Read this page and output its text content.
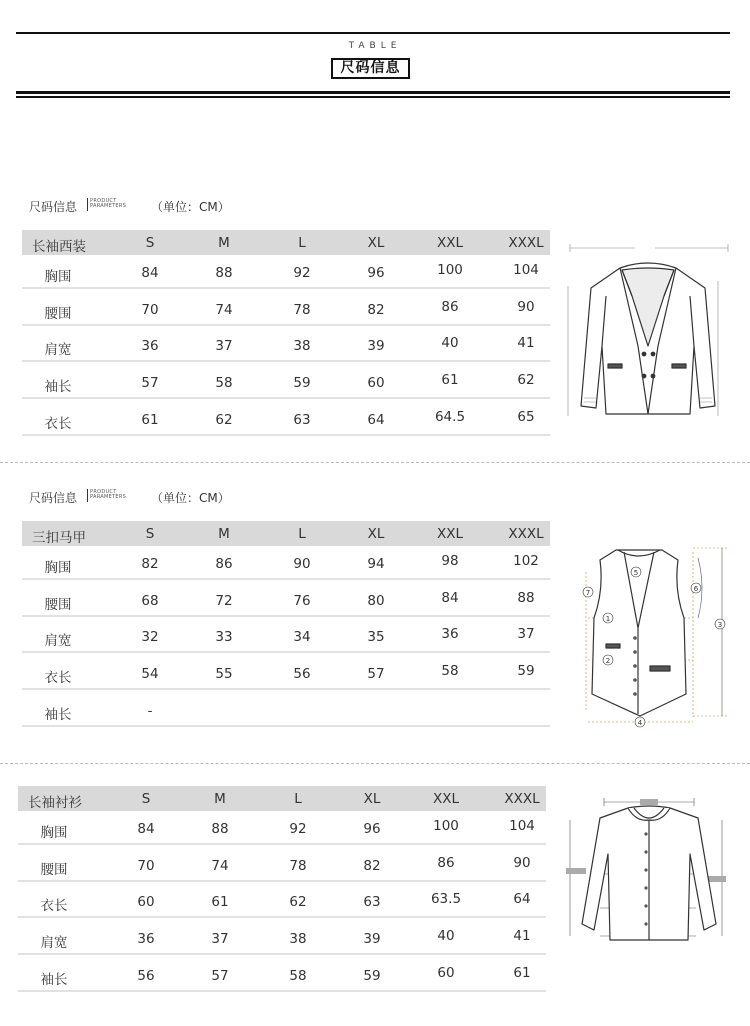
TABLE
尺码信息
尺码信息	PRODUCT
PARAMETERS （单位：CM）
长袖西装	S	M	L	XL	XXL	XXXL
胸围	84	88	92	96	100	104
腰围	70	74	78	82	86	90
肩宽	36	37	38	39	40	41
袖长	57	58	59	60	61	62
衣长	61	62	63	64	64.5	65
尺码信息	PRODUCT
PARAMETERS （单位：CM）
三扣马甲	S	M	L	XL	XXL	XXXL
胸围	82	86	90	94	98	102
腰围	68	72	76	80	84	88
肩宽	32	33	34	35	36	37
衣长	54	55	56	57	58	59
袖长	-
长袖衬衫	S	M	L	XL	XXL	XXXL
胸围	84	88	92	96	100	104
腰围	70	74	78	82	86	90
衣长	60	61	62	63	63.5	64
肩宽	36	37	38	39	40	41
袖长	56	57	58	59	60	61
1
2
3
4
5
6
7
